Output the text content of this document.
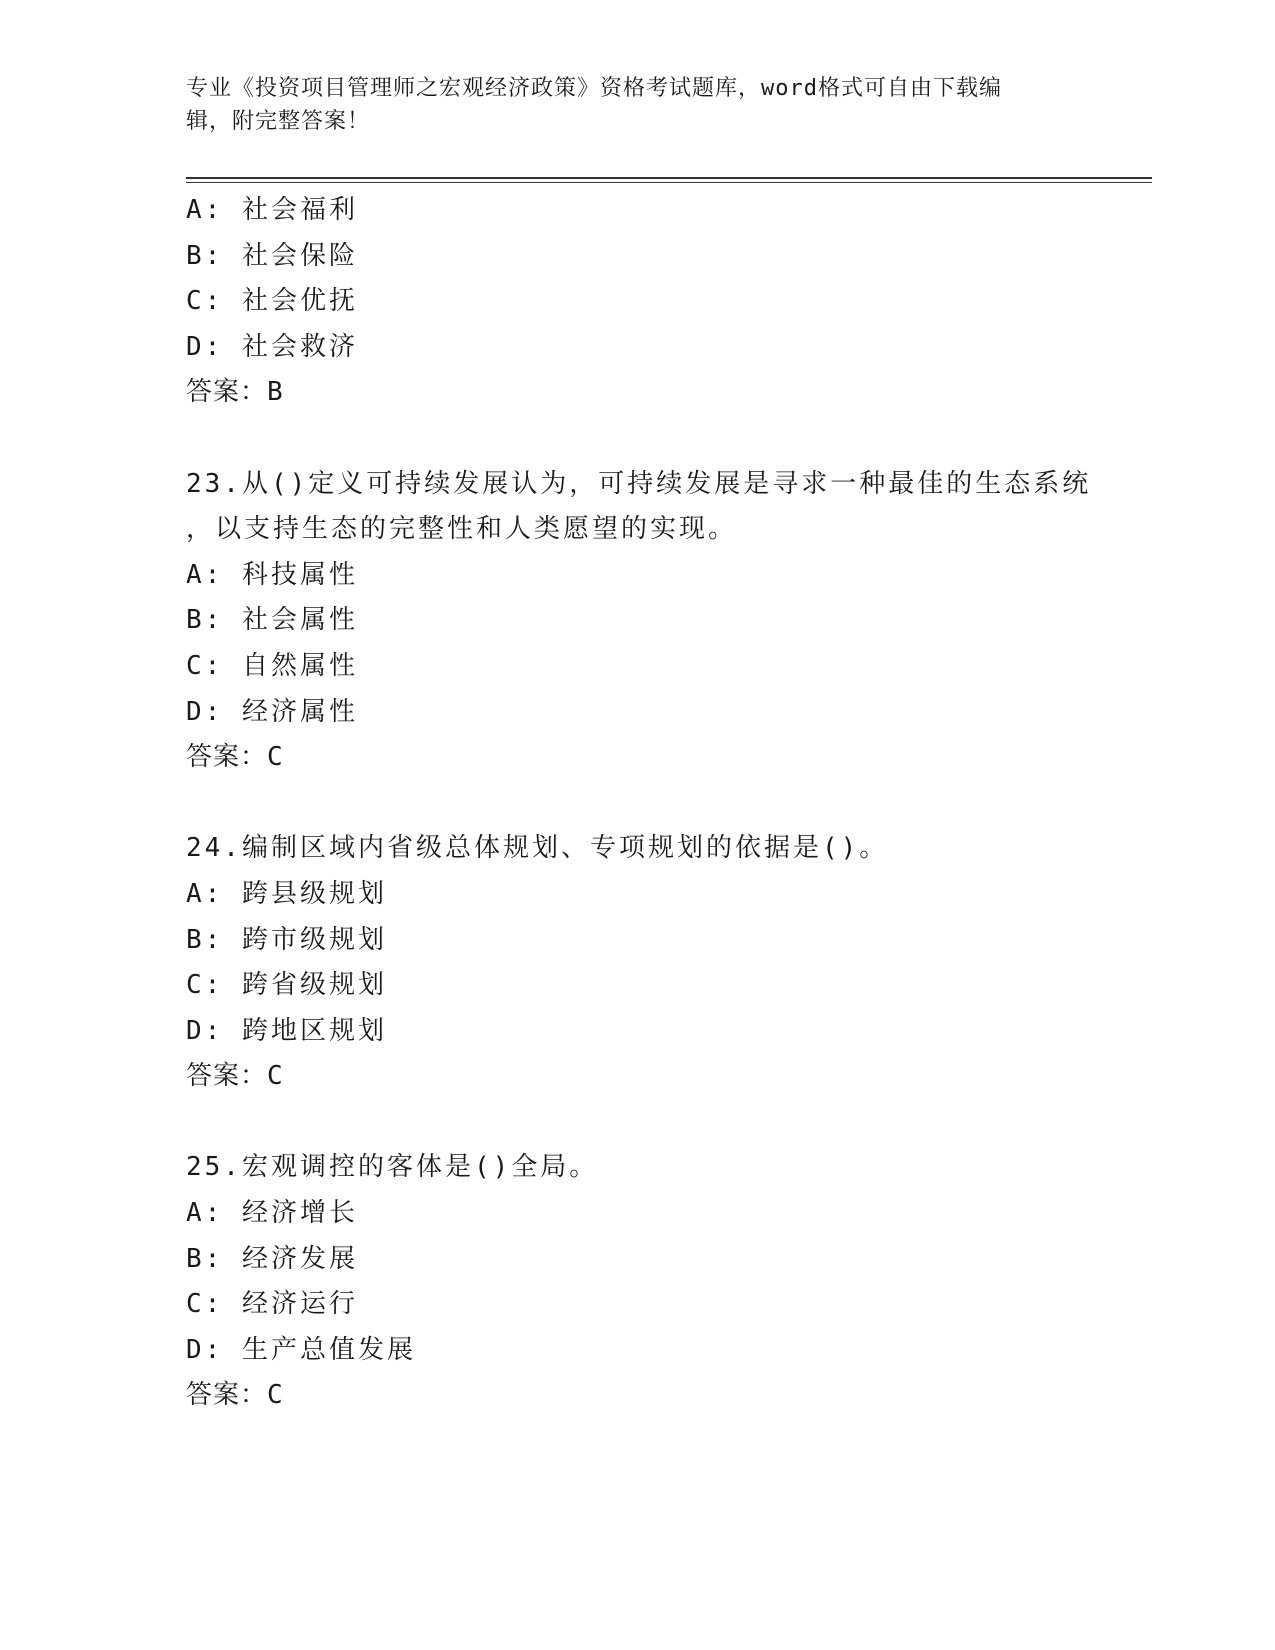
专业《投资项目管理师之宏观经济政策》资格考试题库，word格式可自由下载编
辑，附完整答案！
A: 社会福利
B: 社会保险
C: 社会优抚
D: 社会救济
答案：B
23.从()定义可持续发展认为，可持续发展是寻求一种最佳的生态系统
，以支持生态的完整性和人类愿望的实现。
A: 科技属性
B: 社会属性
C: 自然属性
D: 经济属性
答案：C
24.编制区域内省级总体规划、专项规划的依据是()。
A: 跨县级规划
B: 跨市级规划
C: 跨省级规划
D: 跨地区规划
答案：C
25.宏观调控的客体是()全局。
A: 经济增长
B: 经济发展
C: 经济运行
D: 生产总值发展
答案：C
